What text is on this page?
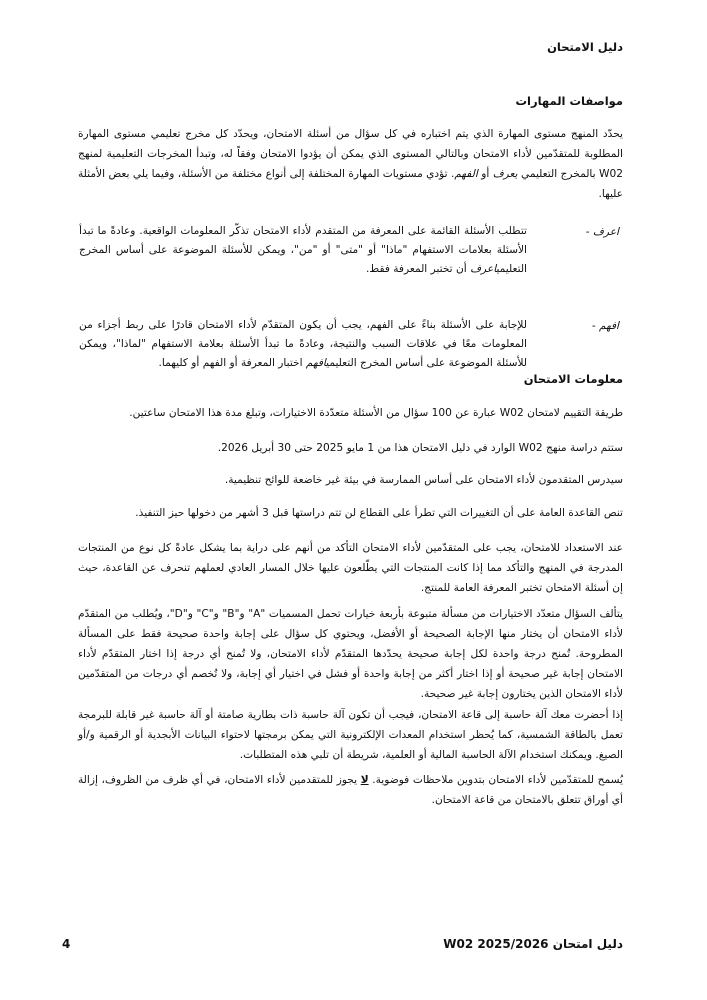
دليل الامتحان
مواصفات المهارات
يحدّد المنهج مستوى المهارة الذي يتم اختباره في كل سؤال من أسئلة الامتحان، ويحدّد كل مخرج تعليمي مستوى المهارة المطلوبة للمتقدّمين لأداء الامتحان وبالتالي المستوى الذي يمكن أن يؤدوا الامتحان وفقاً له، وتبدأ المخرجات التعليمية لمنهج W02 بالمخرج التعليمي يعرف أو الفهم. تؤدي مستويات المهارة المختلفة إلى أنواع مختلفة من الأسئلة، وفيما يلي بعض الأمثلة عليها.
اعرف -
تتطلب الأسئلة القائمة على المعرفة من المتقدم لأداء الامتحان تذكّر المعلومات الواقعية. وعادةً ما تبدأ الأسئلة بعلامات الاستفهام "ماذا" أو "متى" أو "من"، ويمكن للأسئلة الموضوعة على أساس المخرج التعليمياعرف أن تختبر المعرفة فقط.
افهم -
للإجابة على الأسئلة بناءً على الفهم، يجب أن يكون المتقدّم لأداء الامتحان قادرًا على ربط أجزاء من المعلومات معًا في علاقات السبب والنتيجة، وعادةً ما تبدأ الأسئلة بعلامة الاستفهام "لماذا"، ويمكن للأسئلة الموضوعة على أساس المخرج التعليميافهم اختبار المعرفة أو الفهم أو كليهما.
معلومات الامتحان
طريقة التقييم لامتحان W02 عبارة عن 100 سؤال من الأسئلة متعدّدة الاختيارات، وتبلغ مدة هذا الامتحان ساعتين.
ستتم دراسة منهج W02 الوارد في دليل الامتحان هذا من 1 مايو 2025 حتى 30 أبريل 2026.
سيدرس المتقدمون لأداء الامتحان على أساس الممارسة في بيئة غير خاضعة للوائح تنظيمية.
تنص القاعدة العامة على أن التغييرات التي تطرأ على القطاع لن تتم دراستها قبل 3 أشهر من دخولها حيز التنفيذ.
عند الاستعداد للامتحان، يجب على المتقدّمين لأداء الامتحان التأكد من أنهم على دراية بما يشكل عادةً كل نوع من المنتجات المدرجة في المنهج والتأكد مما إذا كانت المنتجات التي يطّلعون عليها خلال المسار العادي لعملهم تنحرف عن القاعدة، حيث إن أسئلة الامتحان تختبر المعرفة العامة للمنتج.
يتألف السؤال متعدّد الاختيارات من مسألة متبوعة بأربعة خيارات تحمل المسميات "A" و"B" و"C" و"D"، ويُطلب من المتقدّم لأداء الامتحان أن يختار منها الإجابة الصحيحة أو الأفضل، ويحتوي كل سؤال على إجابة واحدة صحيحة فقط على المسألة المطروحة. تُمنح درجة واحدة لكل إجابة صحيحة يحدّدها المتقدّم لأداء الامتحان، ولا تُمنح أي درجة إذا اختار المتقدّم لأداء الامتحان إجابة غير صحيحة أو إذا اختار أكثر من إجابة واحدة أو فشل في اختيار أي إجابة، ولا تُخصم أي درجات من المتقدّمين لأداء الامتحان الذين يختارون إجابة غير صحيحة.
إذا أحضرت معك آلة حاسبة إلى قاعة الامتحان، فيجب أن تكون آلة حاسبة ذات بطارية صامتة أو آلة حاسبة غير قابلة للبرمجة تعمل بالطاقة الشمسية، كما يُحظر استخدام المعدات الإلكترونية التي يمكن برمجتها لاحتواء البيانات الأبجدية أو الرقمية و/أو الصيغ. ويمكنك استخدام الآلة الحاسبة المالية أو العلمية، شريطة أن تلبي هذه المتطلبات.
يُسمح للمتقدّمين لأداء الامتحان بتدوين ملاحظات فوضوية. لا يجوز للمتقدمين لأداء الامتحان، في أي ظرف من الظروف، إزالة أي أوراق تتعلق بالامتحان من قاعة الامتحان.
4	دليل امتحان W02 2025/2026
